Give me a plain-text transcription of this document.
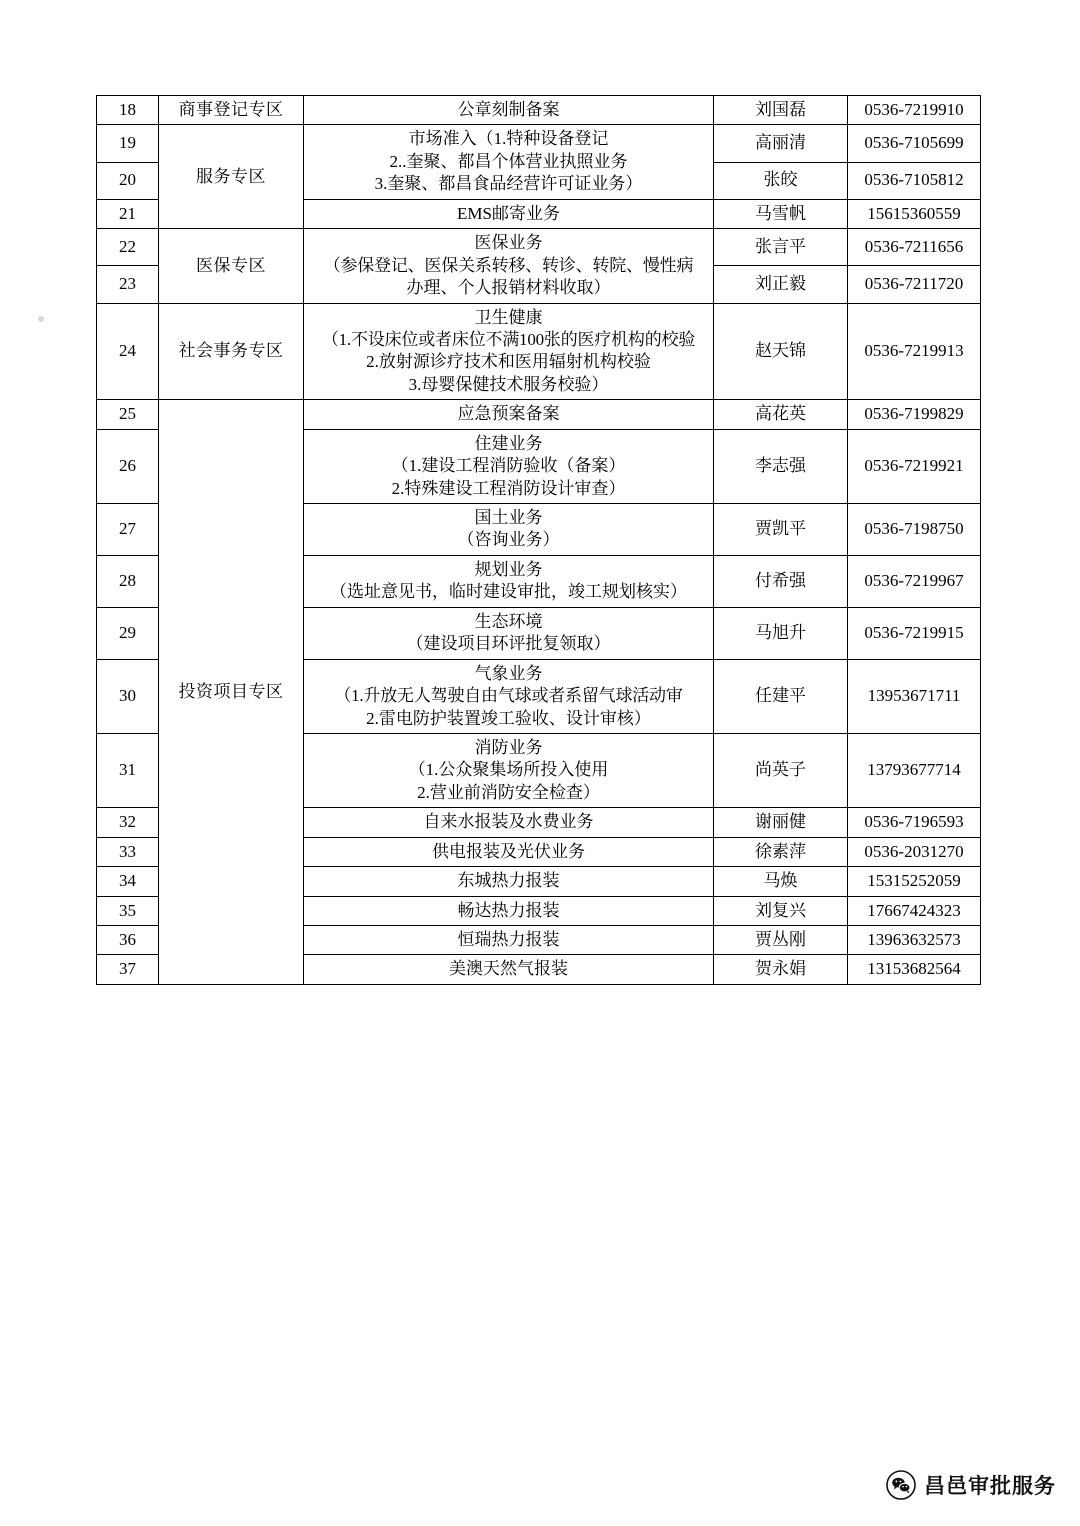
18	商事登记专区	公章刻制备案	刘国磊	0536-7219910
19	服务专区	市场准入（1.特种设备登记
2..奎聚、都昌个体营业执照业务
3.奎聚、都昌食品经营许可证业务）	高丽清	0536-7105699
20			张皎	0536-7105812
21		EMS邮寄业务	马雪帆	15615360559
22	医保专区	医保业务
（参保登记、医保关系转移、转诊、转院、慢性病
办理、个人报销材料收取）	张言平	0536-7211656
23			刘正毅	0536-7211720
24	社会事务专区	卫生健康
（1.不设床位或者床位不满100张的医疗机构的校验
2.放射源诊疗技术和医用辐射机构校验
3.母婴保健技术服务校验）	赵天锦	0536-7219913
25	投资项目专区	应急预案备案	高花英	0536-7199829
26		住建业务
（1.建设工程消防验收（备案）
2.特殊建设工程消防设计审查）	李志强	0536-7219921
27		国土业务
（咨询业务）	贾凯平	0536-7198750
28		规划业务
（选址意见书，临时建设审批，竣工规划核实）	付希强	0536-7219967
29		生态环境
（建设项目环评批复领取）	马旭升	0536-7219915
30		气象业务
（1.升放无人驾驶自由气球或者系留气球活动审
2.雷电防护装置竣工验收、设计审核）	任建平	13953671711
31		消防业务
（1.公众聚集场所投入使用
2.营业前消防安全检查）	尚英子	13793677714
32		自来水报装及水费业务	谢丽健	0536-7196593
33		供电报装及光伏业务	徐素萍	0536-2031270
34		东城热力报装	马焕	15315252059
35		畅达热力报装	刘复兴	17667424323
36		恒瑞热力报装	贾丛刚	13963632573
37		美澳天然气报装	贺永娟	13153682564
昌邑审批服务
